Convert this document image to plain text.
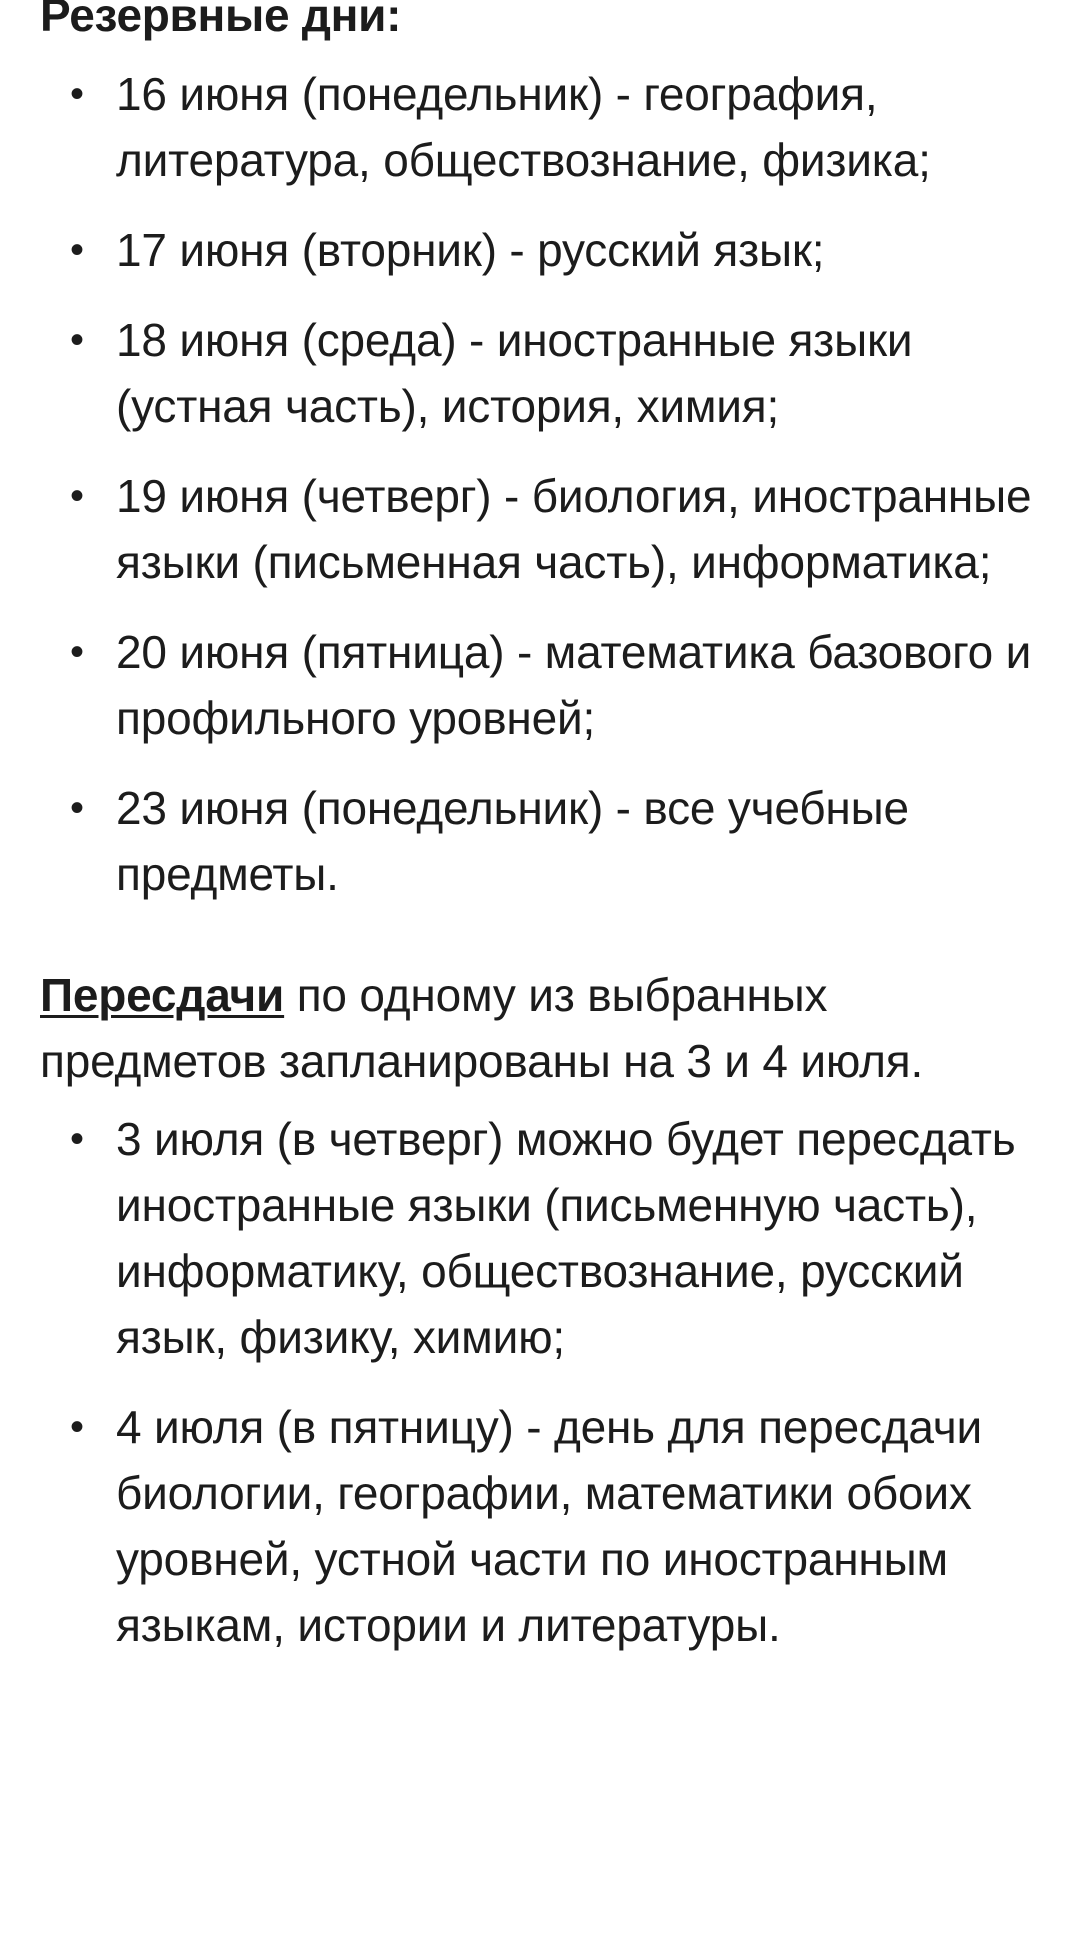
Резервные дни:
• 16 июня (понедельник) - география, литература, обществознание, физика;
• 17 июня (вторник) - русский язык;
• 18 июня (среда) - иностранные языки (устная часть), история, химия;
• 19 июня (четверг) - биология, иностранные языки (письменная часть), информатика;
• 20 июня (пятница) - математика базового и профильного уровней;
• 23 июня (понедельник) - все учебные предметы.

Пересдачи по одному из выбранных предметов запланированы на 3 и 4 июля.

• 3 июля (в четверг) можно будет пересдать иностранные языки (письменную часть), информатику, обществознание, русский язык, физику, химию;
• 4 июля (в пятницу) - день для пересдачи биологии, географии, математики обоих уровней, устной части по иностранным языкам, истории и литературы.
